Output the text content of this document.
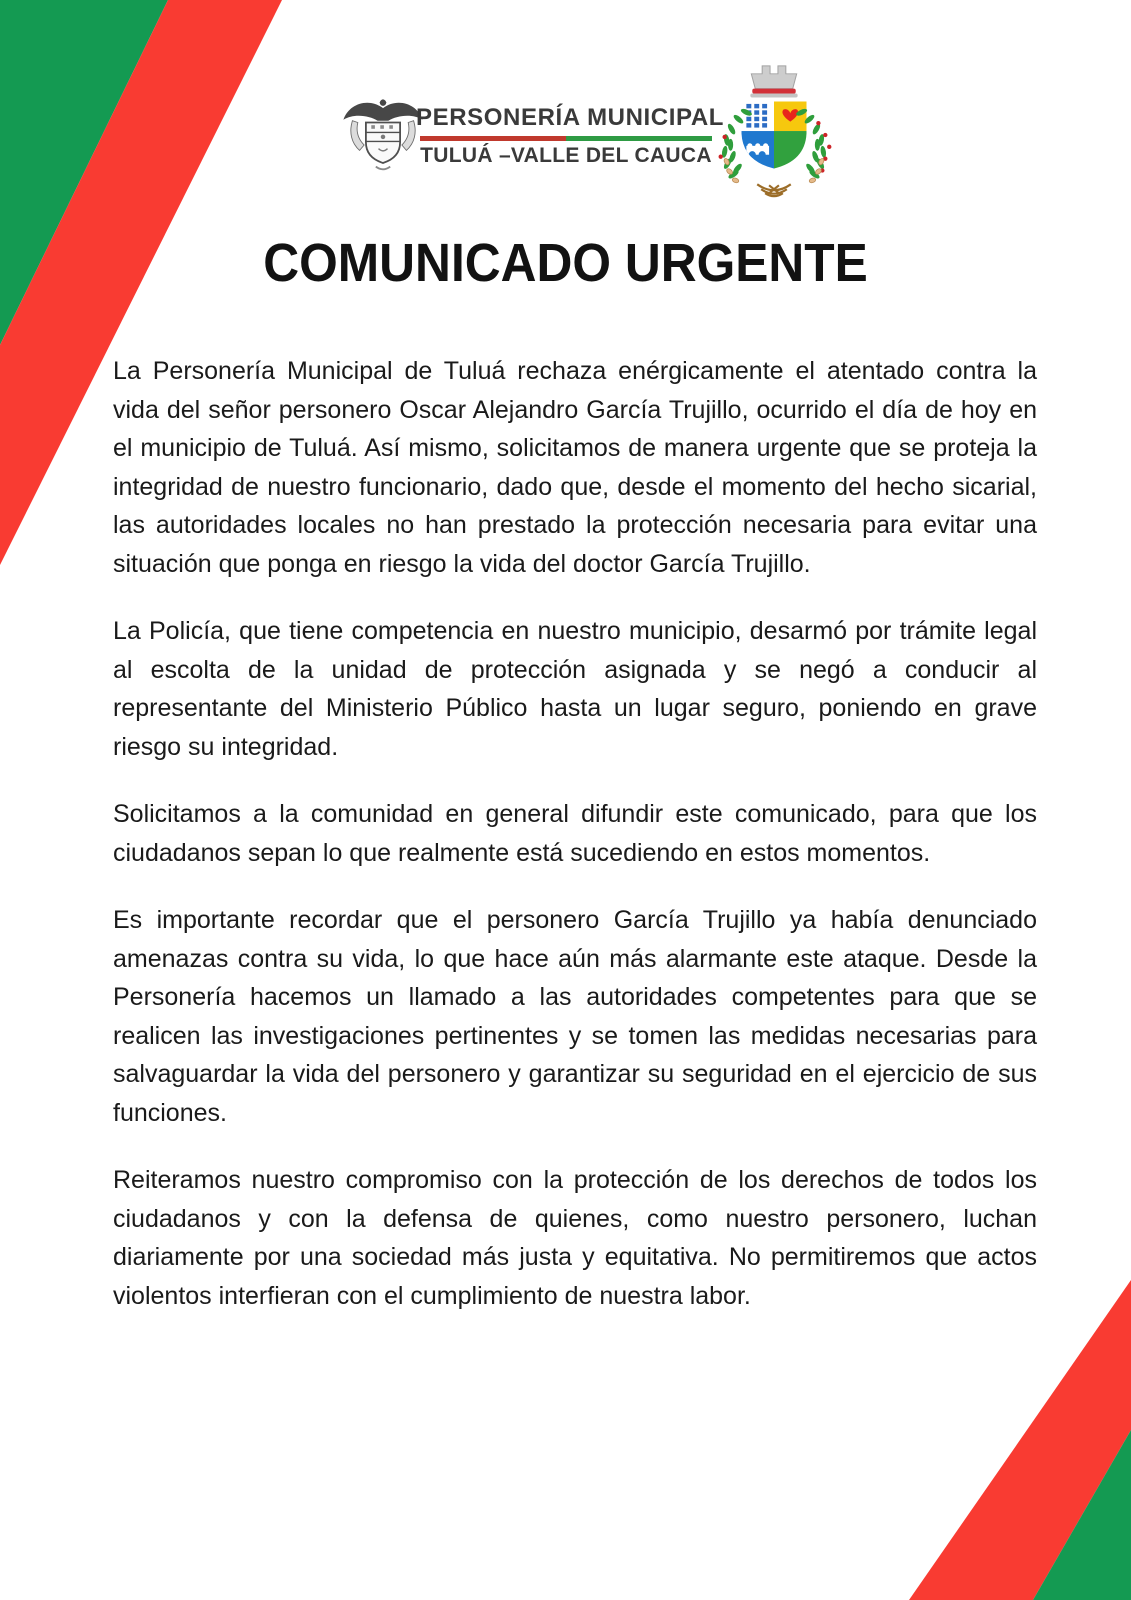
PERSONERÍA MUNICIPAL
TULUÁ –VALLE DEL CAUCA
COMUNICADO URGENTE

La Personería Municipal de Tuluá rechaza enérgicamente el atentado contra la vida del señor personero Oscar Alejandro García Trujillo, ocurrido el día de hoy en el municipio de Tuluá. Así mismo, solicitamos de manera urgente que se proteja la integridad de nuestro funcionario, dado que, desde el momento del hecho sicarial, las autoridades locales no han prestado la protección necesaria para evitar una situación que ponga en riesgo la vida del doctor García Trujillo.

La Policía, que tiene competencia en nuestro municipio, desarmó por trámite legal al escolta de la unidad de protección asignada y se negó a conducir al representante del Ministerio Público hasta un lugar seguro, poniendo en grave riesgo su integridad.

Solicitamos a la comunidad en general difundir este comunicado, para que los ciudadanos sepan lo que realmente está sucediendo en estos momentos.

Es importante recordar que el personero García Trujillo ya había denunciado amenazas contra su vida, lo que hace aún más alarmante este ataque. Desde la Personería hacemos un llamado a las autoridades competentes para que se realicen las investigaciones pertinentes y se tomen las medidas necesarias para salvaguardar la vida del personero y garantizar su seguridad en el ejercicio de sus funciones.

Reiteramos nuestro compromiso con la protección de los derechos de todos los ciudadanos y con la defensa de quienes, como nuestro personero, luchan diariamente por una sociedad más justa y equitativa. No permitiremos que actos violentos interfieran con el cumplimiento de nuestra labor.
